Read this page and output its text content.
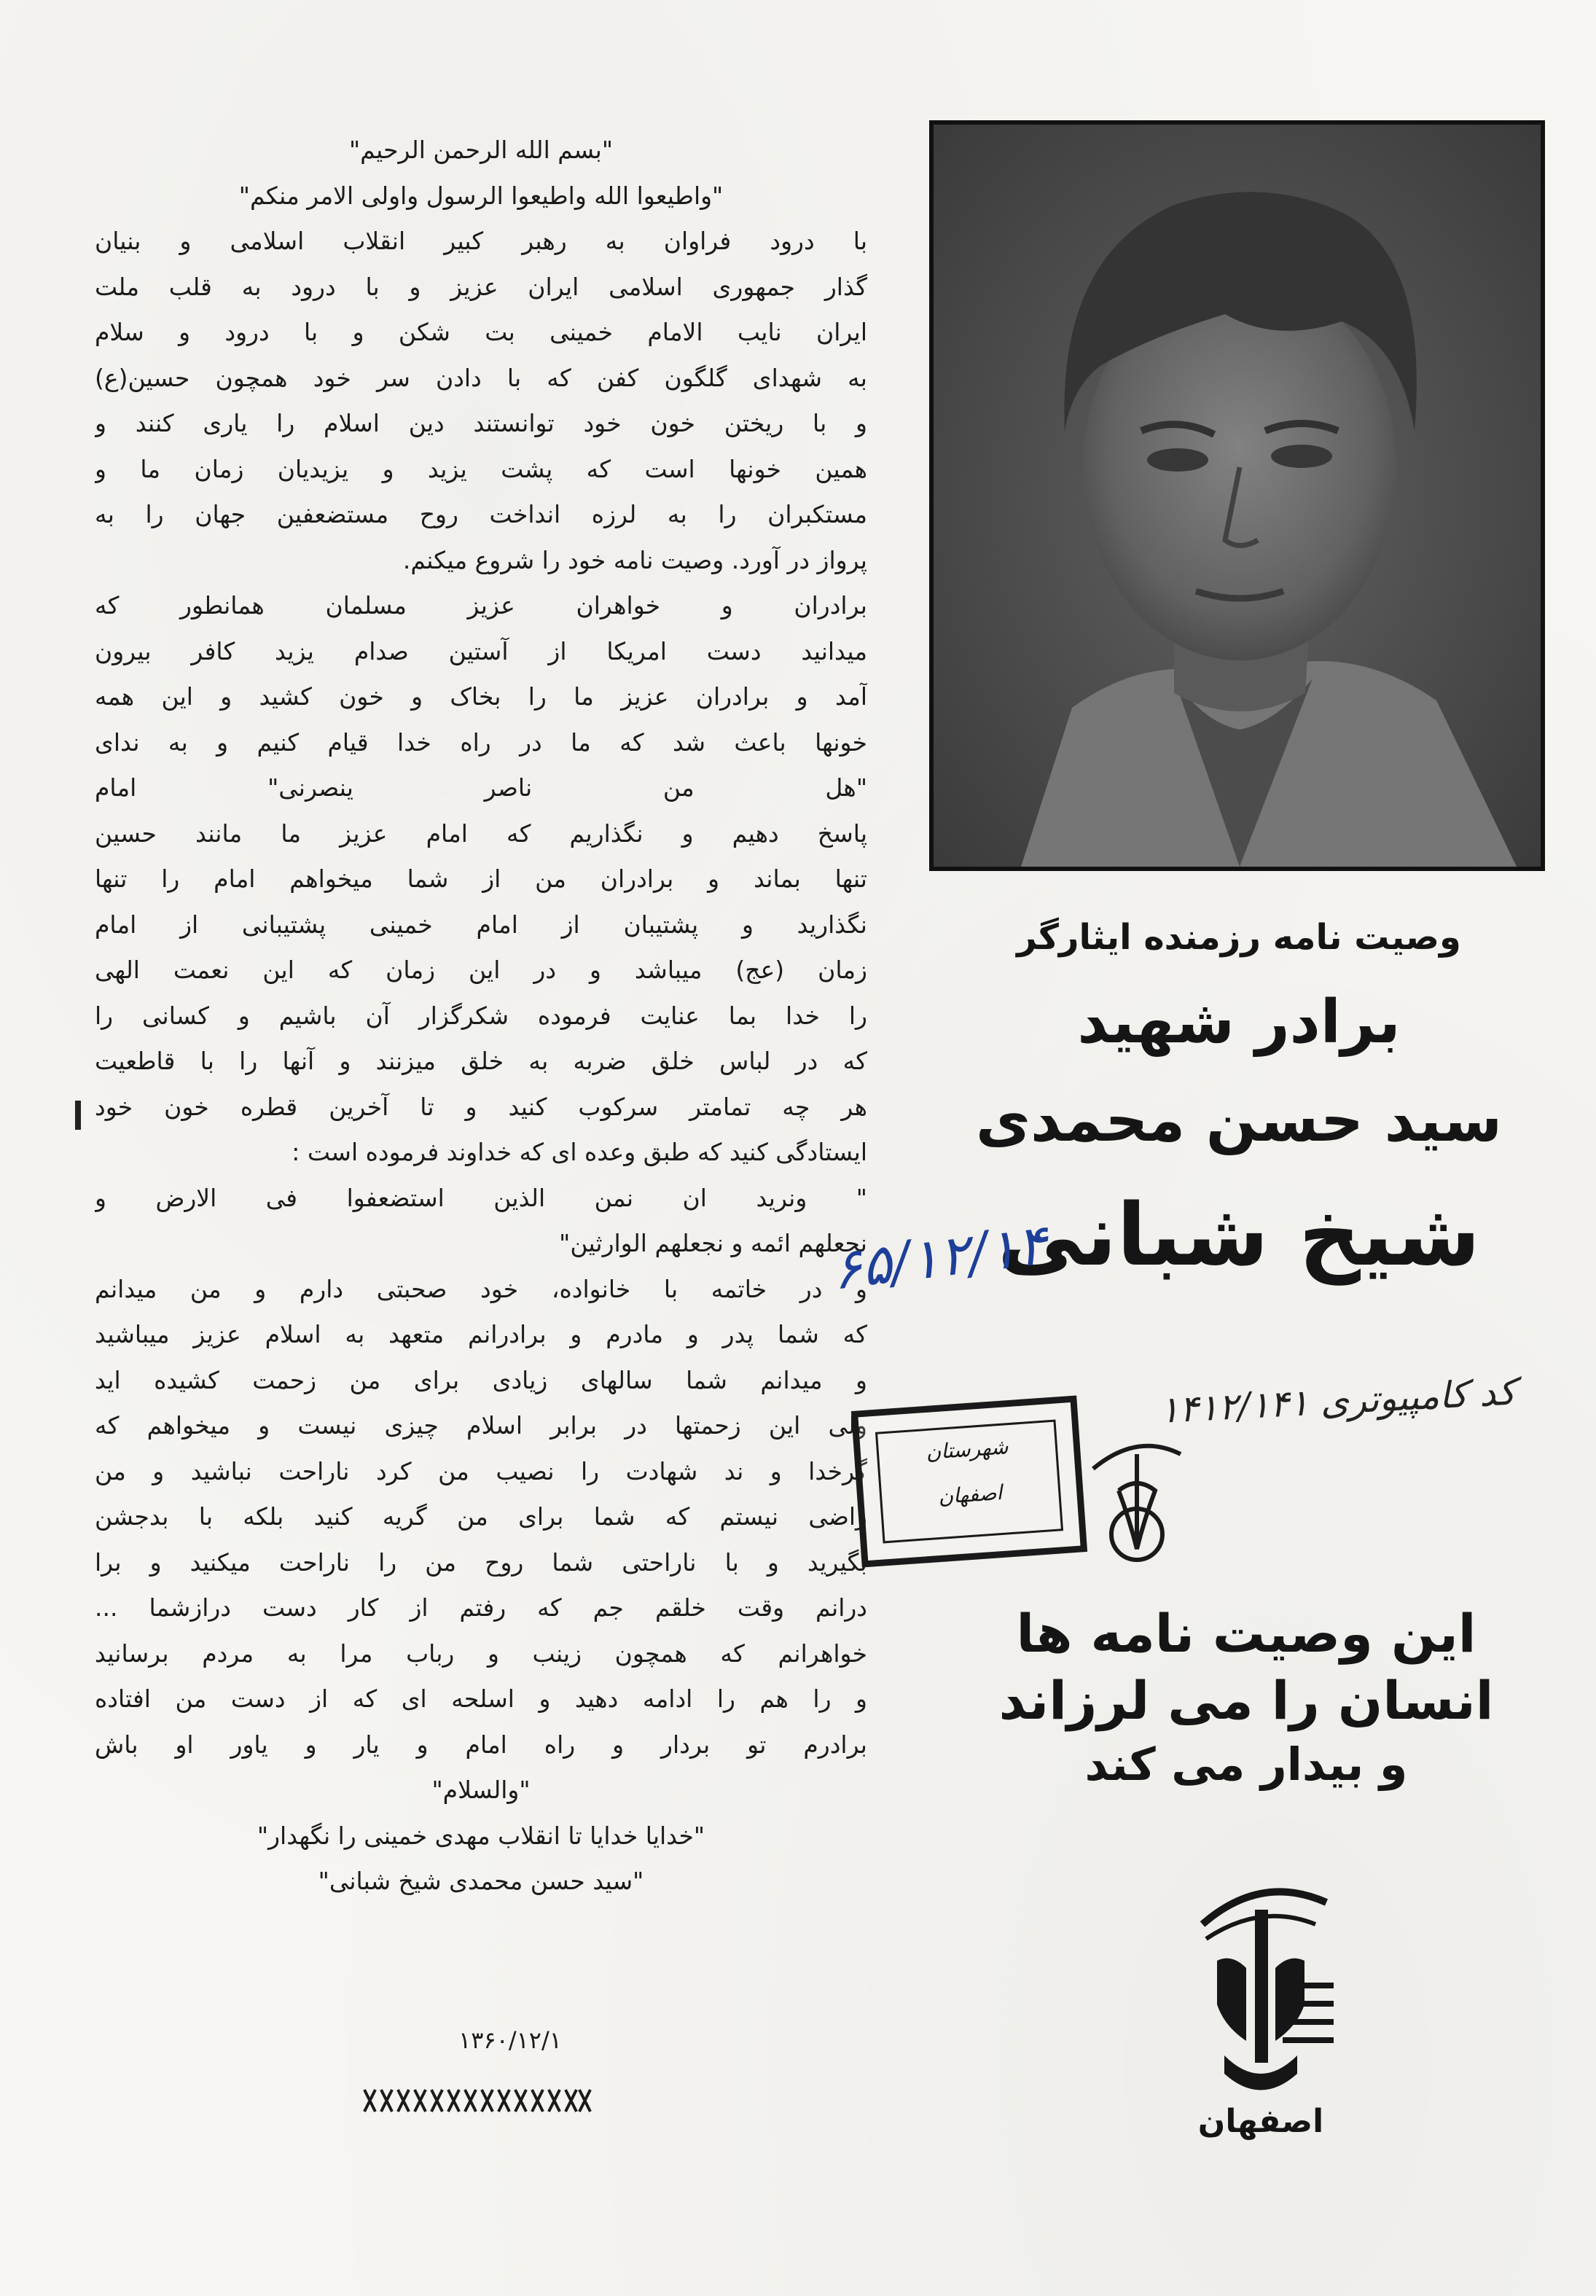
"بسم الله الرحمن الرحیم"
"واطیعوا الله واطیعوا الرسول واولی الامر منکم"
با درود فراوان به رهبر کبیر انقلاب اسلامی و بنیان‌
گذار جمهوری اسلامی ایران عزیز و با درود به قلب ملت
ایران نایب الامام خمینی بت شکن و با درود و سلام
به شهدای گلگون کفن که با دادن سر خود همچون حسین(ع)
و با ریختن خون خود توانستند دین اسلام را یاری کنند و
همین خونها است که پشت یزید و یزیدیان زمان ما و
مستکبران را به لرزه انداخت روح مستضعفین جهان را به
پرواز در آورد. وصیت نامه خود را شروع میکنم.
برادران و خواهران عزیز مسلمان همانطور که
میدانید دست امریکا از آستین صدام یزید کافر بیرون
آمد و برادران عزیز ما را بخاک و خون کشید و این همه
خونها باعث شد که ما در راه خدا قیام کنیم و به ندای
"هل من ناصر ینصرنی" امام
پاسخ دهیم و نگذاریم که امام عزیز ما مانند حسین
تنها بماند و برادران من از شما میخواهم امام را تنها
نگذارید و پشتیبان از امام خمینی پشتیبانی از امام
زمان (عج) میباشد و در این زمان که این نعمت الهی
را خدا بما عنایت فرموده شکرگزار آن باشیم و کسانی را
که در لباس خلق ضربه به خلق میزنند و آنها را با قاطعیت
هر چه تمامتر سرکوب کنید و تا آخرین قطره خون خود
ایستادگی کنید که طبق وعده ای که خداوند فرموده است :
" ونرید ان نمن الذین استضعفوا فی الارض و
نجعلهم ائمه و نجعلهم الوارثین"
و در خاتمه با خانواده، خود صحبتی دارم و من میدانم
که شما پدر و مادرم و برادرانم متعهد به اسلام عزیز میباشید
و میدانم شما سالهای زیادی برای من زحمت کشیده اید
ولی این زحمتها در برابر اسلام چیزی نیست و میخواهم که
گرخدا و ند شهادت را نصیب من کرد ناراحت نباشید و من
راضی نیستم که شما برای من گریه کنید بلکه با بدجشن
بگیرید و با ناراحتی شما روح من را ناراحت میکنید و برا
درانم وقت خلقم جم که رفتم از کار دست درازشما ...
خواهرانم که همچون زینب و رباب مرا به مردم برسانید
و را هم را ادامه دهید و اسلحه ای که از دست من افتاده
برادرم تو بردار و راه امام و یار و یاور او باش
"والسلام"
"خدایا خدایا تا انقلاب مهدی خمینی را نگهدار"
"سید حسن محمدی شیخ شبانی"
۱۳۶۰/۱۲/۱
وصیت نامه رزمنده ایثارگر
برادر شهید
سید حسن محمدی
شیخ شبانی
۶۵/۱۲/۱۴
کد کامپیوتری ۱۴۱۲/۱۴۱
شهرستان
اصفهان
این وصیت نامه ها
انسان را می لرزاند
و بیدار می کند
اصفهان
